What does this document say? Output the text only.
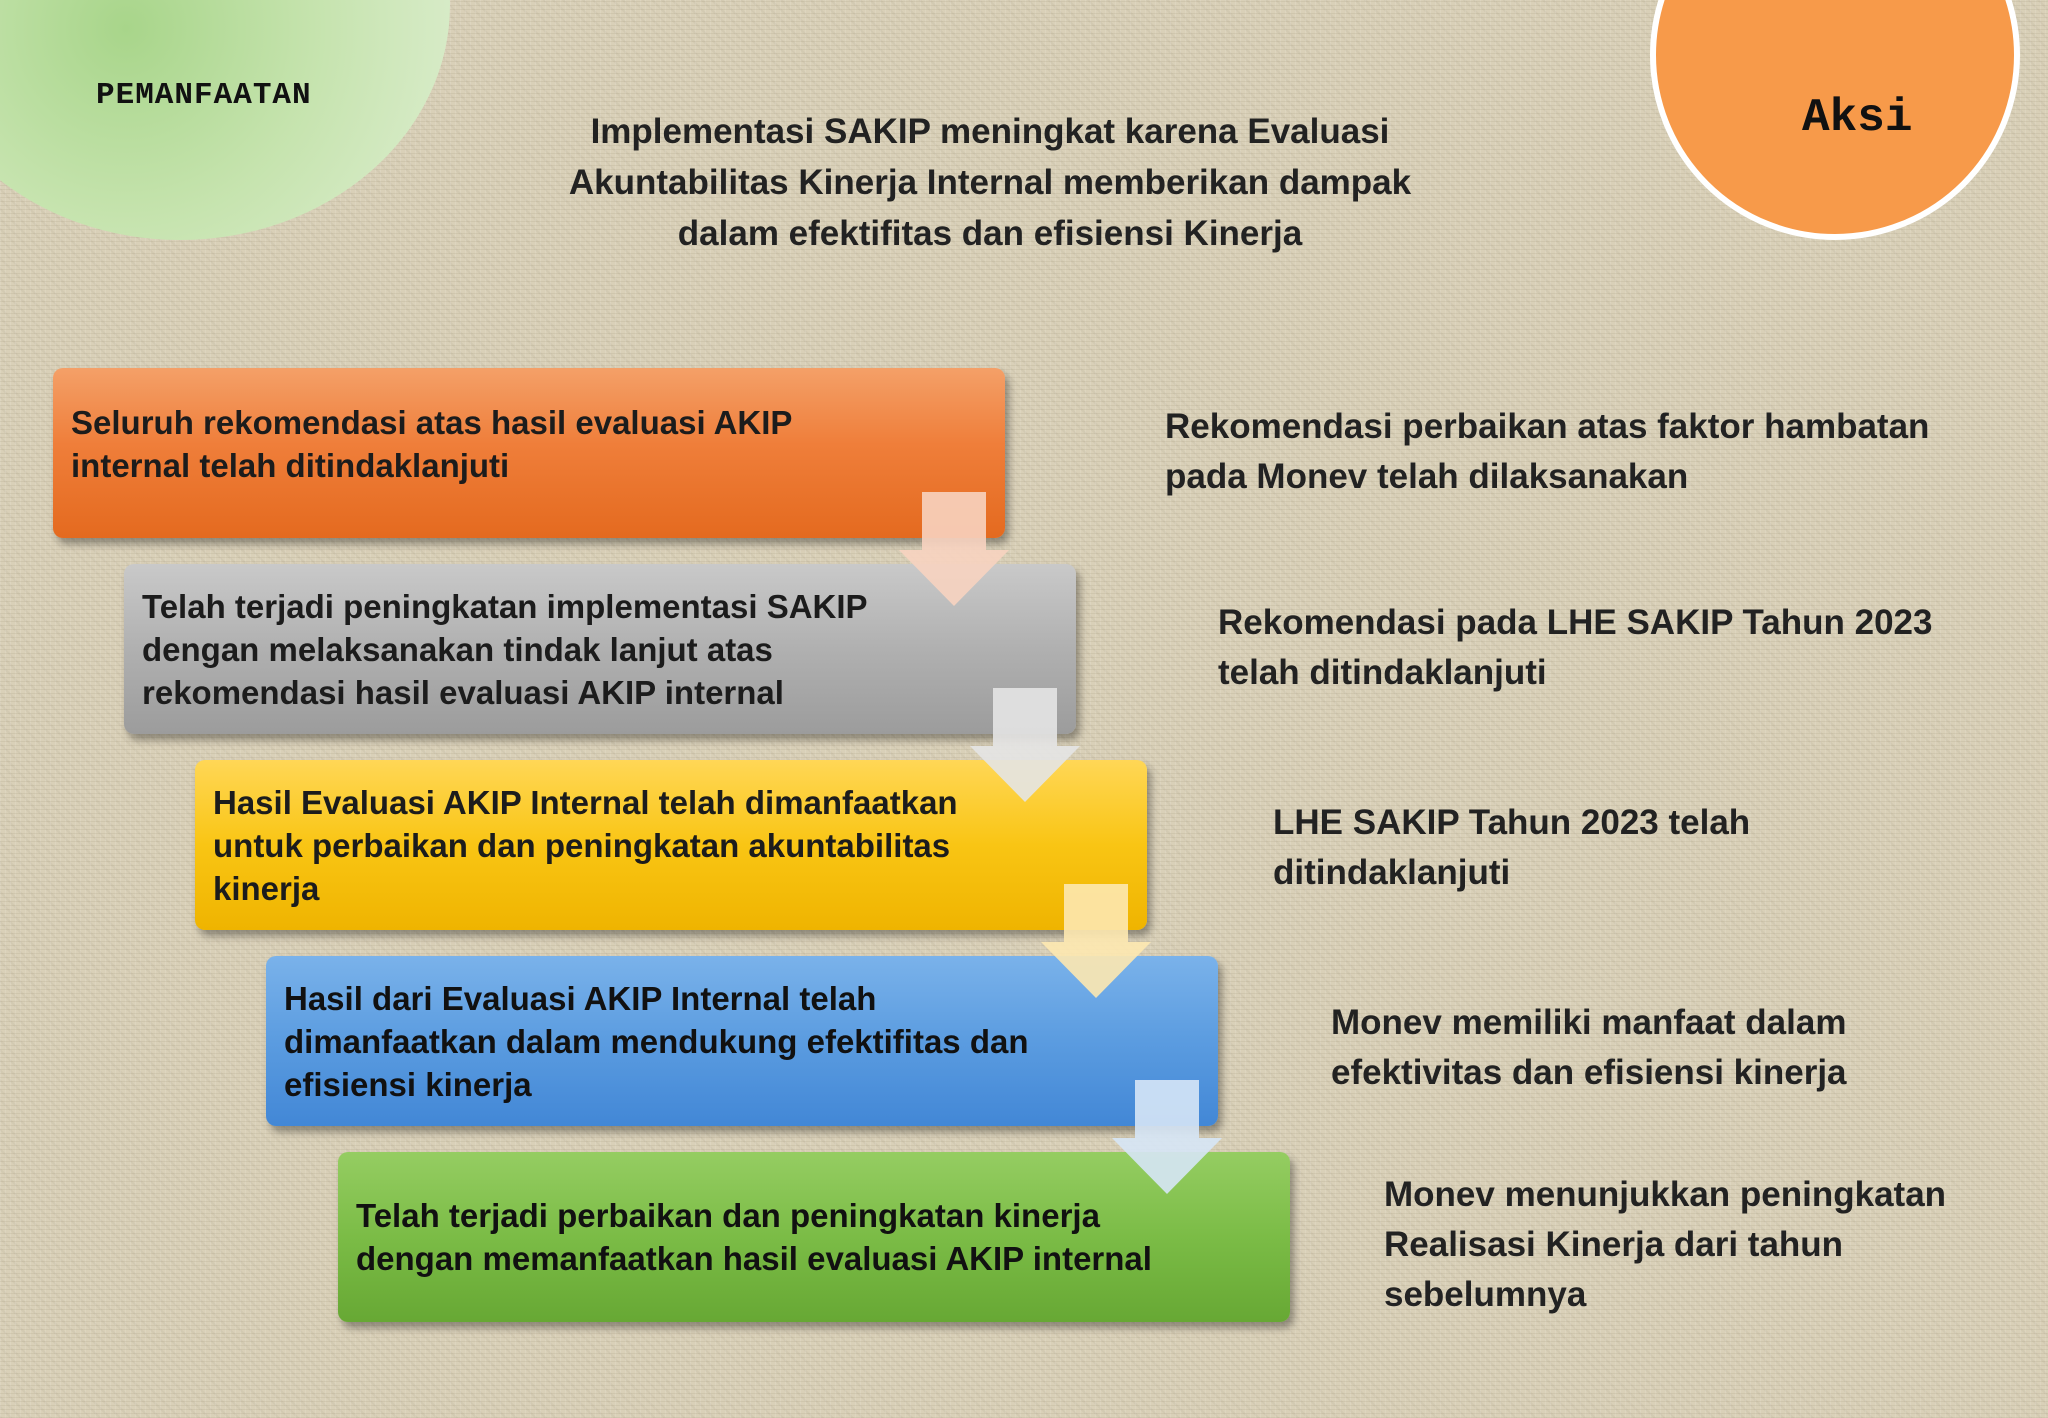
PEMANFAATAN	Aksi
Implementasi SAKIP meningkat karena Evaluasi Akuntabilitas Kinerja Internal memberikan dampak dalam efektifitas dan efisiensi Kinerja
Seluruh rekomendasi atas hasil evaluasi AKIP internal telah ditindaklanjuti
Telah terjadi peningkatan implementasi SAKIP dengan melaksanakan tindak lanjut atas rekomendasi hasil evaluasi AKIP internal
Hasil Evaluasi AKIP Internal telah dimanfaatkan untuk perbaikan dan peningkatan akuntabilitas kinerja
Hasil dari Evaluasi AKIP Internal telah dimanfaatkan dalam mendukung efektifitas dan efisiensi kinerja
Telah terjadi perbaikan dan peningkatan kinerja dengan memanfaatkan hasil evaluasi AKIP internal
Rekomendasi perbaikan atas faktor hambatan pada Monev telah dilaksanakan
Rekomendasi pada LHE SAKIP Tahun 2023 telah ditindaklanjuti
LHE SAKIP Tahun 2023 telah ditindaklanjuti
Monev memiliki manfaat dalam efektivitas dan efisiensi kinerja
Monev menunjukkan peningkatan Realisasi Kinerja dari tahun sebelumnya
